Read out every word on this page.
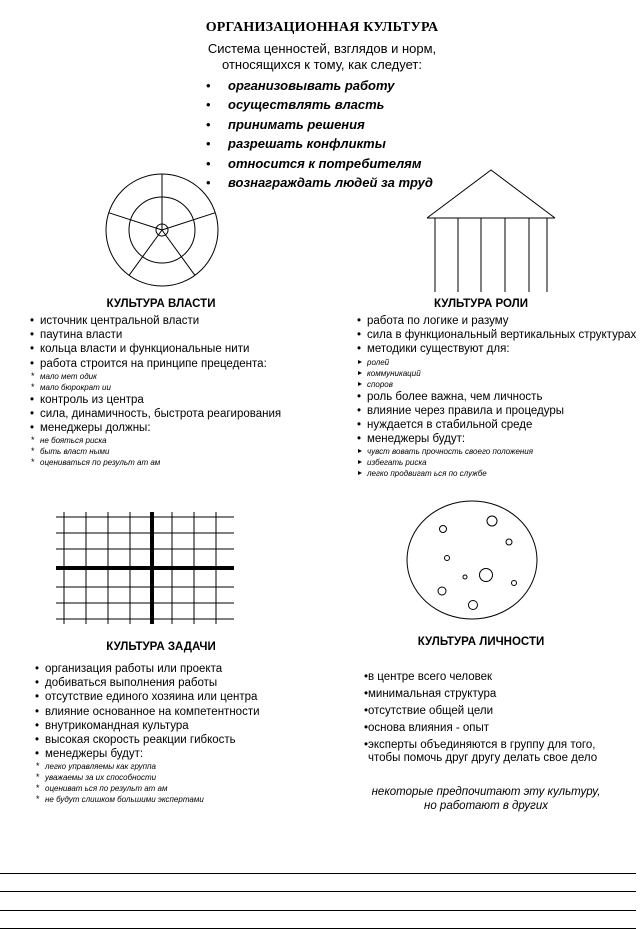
ОРГАНИЗАЦИОННАЯ КУЛЬТУРА
Система ценностей, взглядов и норм,
относящихся к тому, как следует:
• организовывать работу
• осуществлять власть
• принимать решения
• разрешать конфликты
• относится к потребителям
• вознаграждать людей за труд
КУЛЬТУРА ВЛАСТИ
• источник центральной власти
• паутина власти
• кольца власти и функциональные нити
• работа строится на принципе прецедента:
* мало мет одик
* мало бюрократ ии
• контроль из центра
• сила, динамичность, быстрота реагирования
• менеджеры должны:
* не бояться риска
* быть власт ными
* оцениваться по результ ат ам
КУЛЬТУРА РОЛИ
• работа по логике и разуму
• сила в функциональный вертикальных структурах
• методики существуют для:
ролей
коммуникаций
споров
• роль более важна, чем личность
• влияние через правила и процедуры
• нуждается в стабильной среде
• менеджеры будут:
чувст вовать прочность своего положения
избегать риска
легко продвигат ься по службе
КУЛЬТУРА ЗАДАЧИ
• организация работы или проекта
• добиваться выполнения работы
• отсутствие единого хозяина или центра
• влияние основанное на компетентности
• внутрикомандная культура
• высокая скорость реакции гибкость
• менеджеры будут:
* легко управляемы как группа
* уважаемы за их способности
* оцениват ься по результ ат ам
* не будут слишком большими экспертами
КУЛЬТУРА ЛИЧНОСТИ
• в центре всего человек
• минимальная структура
• отсутствие общей цели
• основа влияния - опыт
• эксперты объединяются в группу для того,
чтобы помочь друг другу делать свое дело
некоторые предпочитают эту культуру,
но работают в других
